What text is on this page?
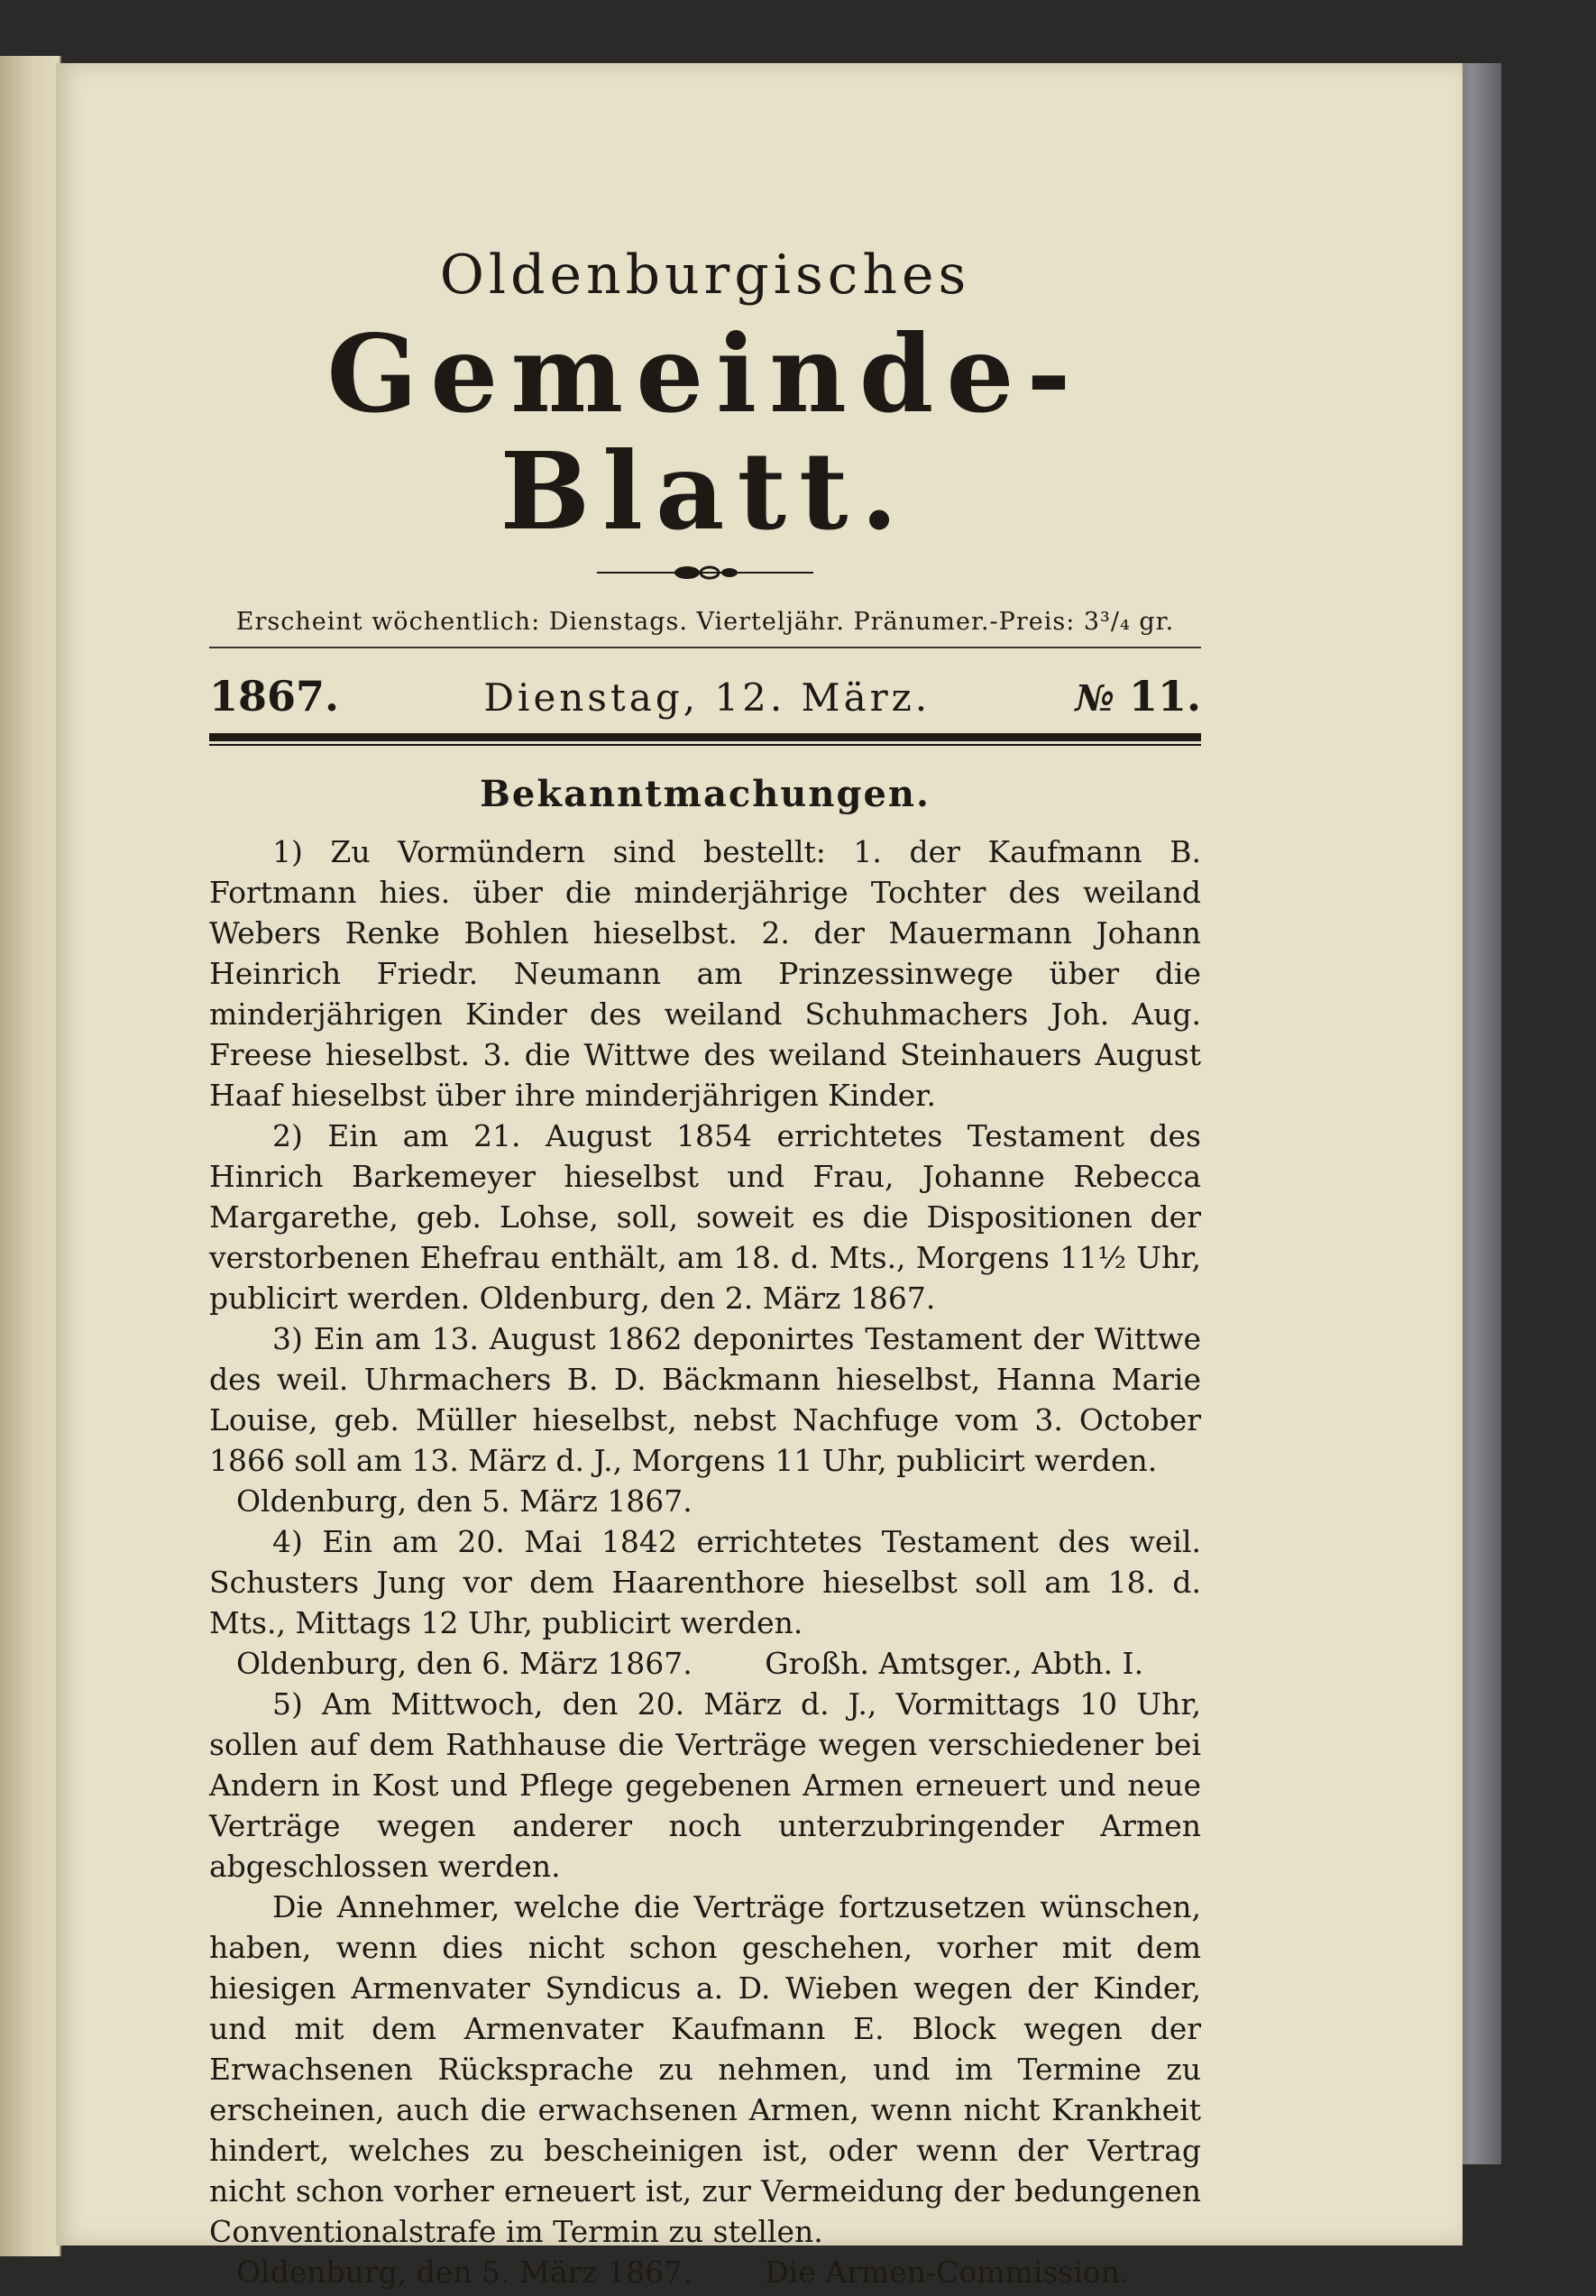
Oldenburgisches
Gemeinde-Blatt.
Erscheint wöchentlich: Dienstags. Vierteljähr. Pränumer.-Preis: 3³/₄ gr.
1867.	Dienstag, 12. März.	№ 11.
Bekanntmachungen.

1) Zu Vormündern sind bestellt: 1. der Kaufmann B. Fortmann hies. über die minderjährige Tochter des weiland Webers Renke Bohlen hieselbst. 2. der Mauermann Johann Heinrich Friedr. Neumann am Prinzessinwege über die minderjährigen Kinder des weiland Schuhmachers Joh. Aug. Freese hieselbst. 3. die Wittwe des weiland Steinhauers August Haaf hieselbst über ihre minderjährigen Kinder.

2) Ein am 21. August 1854 errichtetes Testament des Hinrich Barkemeyer hieselbst und Frau, Johanne Rebecca Margarethe, geb. Lohse, soll, soweit es die Dispositionen der verstorbenen Ehefrau enthält, am 18. d. Mts., Morgens 11½ Uhr, publicirt werden. Oldenburg, den 2. März 1867.

3) Ein am 13. August 1862 deponirtes Testament der Wittwe des weil. Uhrmachers B. D. Bäckmann hieselbst, Hanna Marie Louise, geb. Müller hieselbst, nebst Nachfuge vom 3. October 1866 soll am 13. März d. J., Morgens 11 Uhr, publicirt werden.

Oldenburg, den 5. März 1867.

4) Ein am 20. Mai 1842 errichtetes Testament des weil. Schusters Jung vor dem Haarenthore hieselbst soll am 18. d. Mts., Mittags 12 Uhr, publicirt werden.

Oldenburg, den 6. März 1867. Großh. Amtsger., Abth. I.

5) Am Mittwoch, den 20. März d. J., Vormittags 10 Uhr, sollen auf dem Rathhause die Verträge wegen verschiedener bei Andern in Kost und Pflege gegebenen Armen erneuert und neue Verträge wegen anderer noch unterzubringender Armen abgeschlossen werden.

Die Annehmer, welche die Verträge fortzusetzen wünschen, haben, wenn dies nicht schon geschehen, vorher mit dem hiesigen Armenvater Syndicus a. D. Wieben wegen der Kinder, und mit dem Armenvater Kaufmann E. Block wegen der Erwachsenen Rücksprache zu nehmen, und im Termine zu erscheinen, auch die erwachsenen Armen, wenn nicht Krankheit hindert, welches zu bescheinigen ist, oder wenn der Vertrag nicht schon vorher erneuert ist, zur Vermeidung der bedungenen Conventionalstrafe im Termin zu stellen.

Oldenburg, den 5. März 1867. Die Armen-Commission.
